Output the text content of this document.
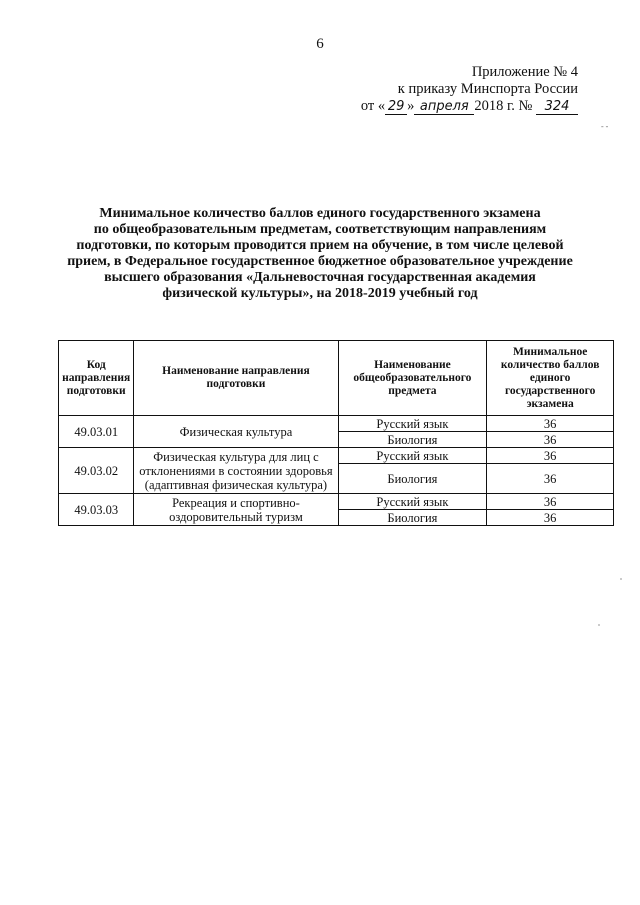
6
Приложение № 4
к приказу Минспорта России
от « 29 » апреля 2018 г. № 324
- -
Минимальное количество баллов единого государственного экзамена
по общеобразовательным предметам, соответствующим направлениям
подготовки, по которым проводится прием на обучение, в том числе целевой
прием, в Федеральное государственное бюджетное образовательное учреждение
высшего образования «Дальневосточная государственная академия
физической культуры», на 2018-2019 учебный год
Код направления подготовки	Наименование направления подготовки	Наименование общеобразовательного предмета	Минимальное количество баллов единого государственного экзамена
49.03.01	Физическая культура	Русский язык	36
		Биология	36
49.03.02	Физическая культура для лиц с отклонениями в состоянии здоровья (адаптивная физическая культура)	Русский язык	36
		Биология	36
49.03.03	Рекреация и спортивно-оздоровительный туризм	Русский язык	36
		Биология	36
